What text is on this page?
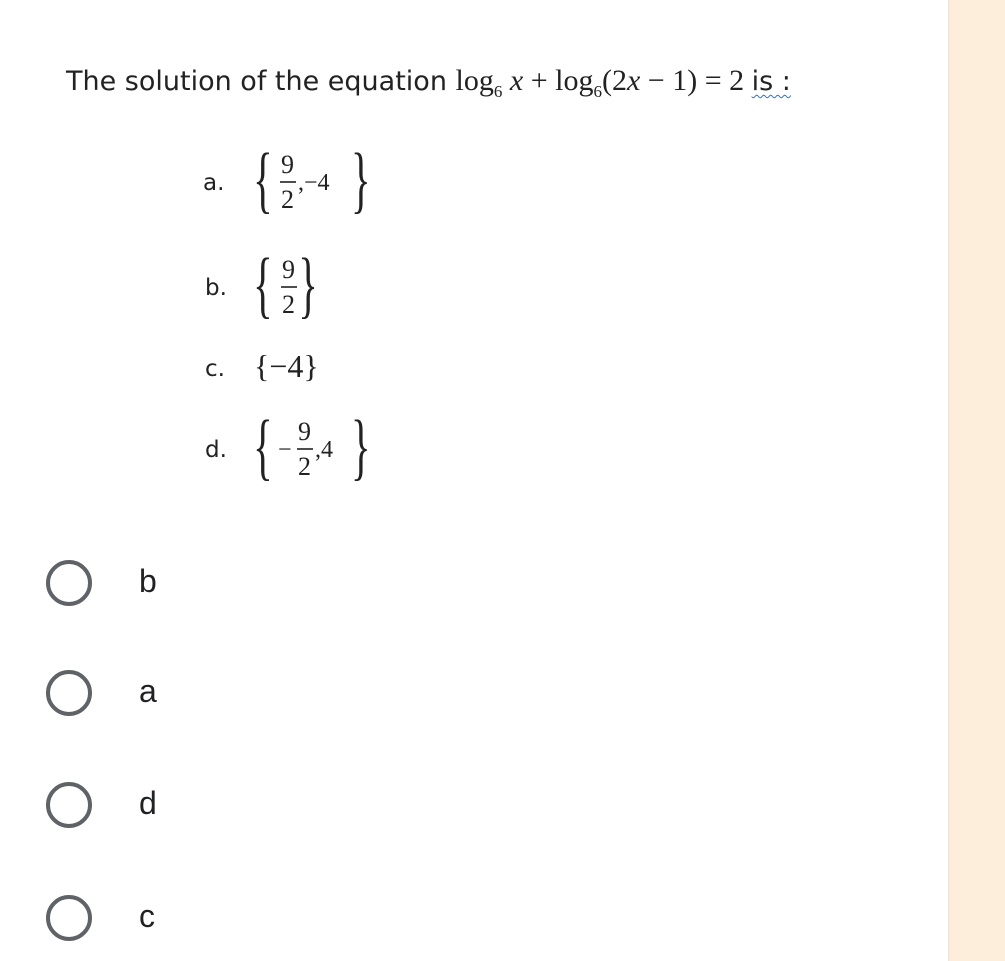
The solution of the equation $\log_6 x + \log_6(2x - 1) = 2$ is :
a. { 9
2
,−4 }
b. { 9
2 }
c. {−4}
d. { −
9
2
,4 }
b
a
d
c
